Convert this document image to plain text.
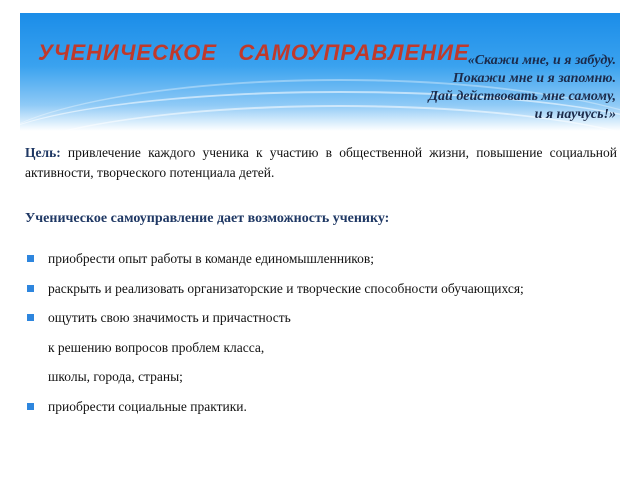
УЧЕНИЧЕСКОЕ   САМОУПРАВЛЕНИЕ
«Скажи мне, и я забуду.
Покажи мне и я запомню.
Дай действовать мне самому,
и я научусь!»

Цель: привлечение каждого ученика к участию в общественной жизни, повышение социальной активности, творческого потенциала детей.

Ученическое самоуправление дает возможность ученику:
приобрести опыт работы в команде единомышленников;
раскрыть и реализовать организаторские и творческие способности обучающихся;
ощутить свою значимость и причастность
к решению вопросов проблем класса,
школы, города, страны;
приобрести социальные практики.
